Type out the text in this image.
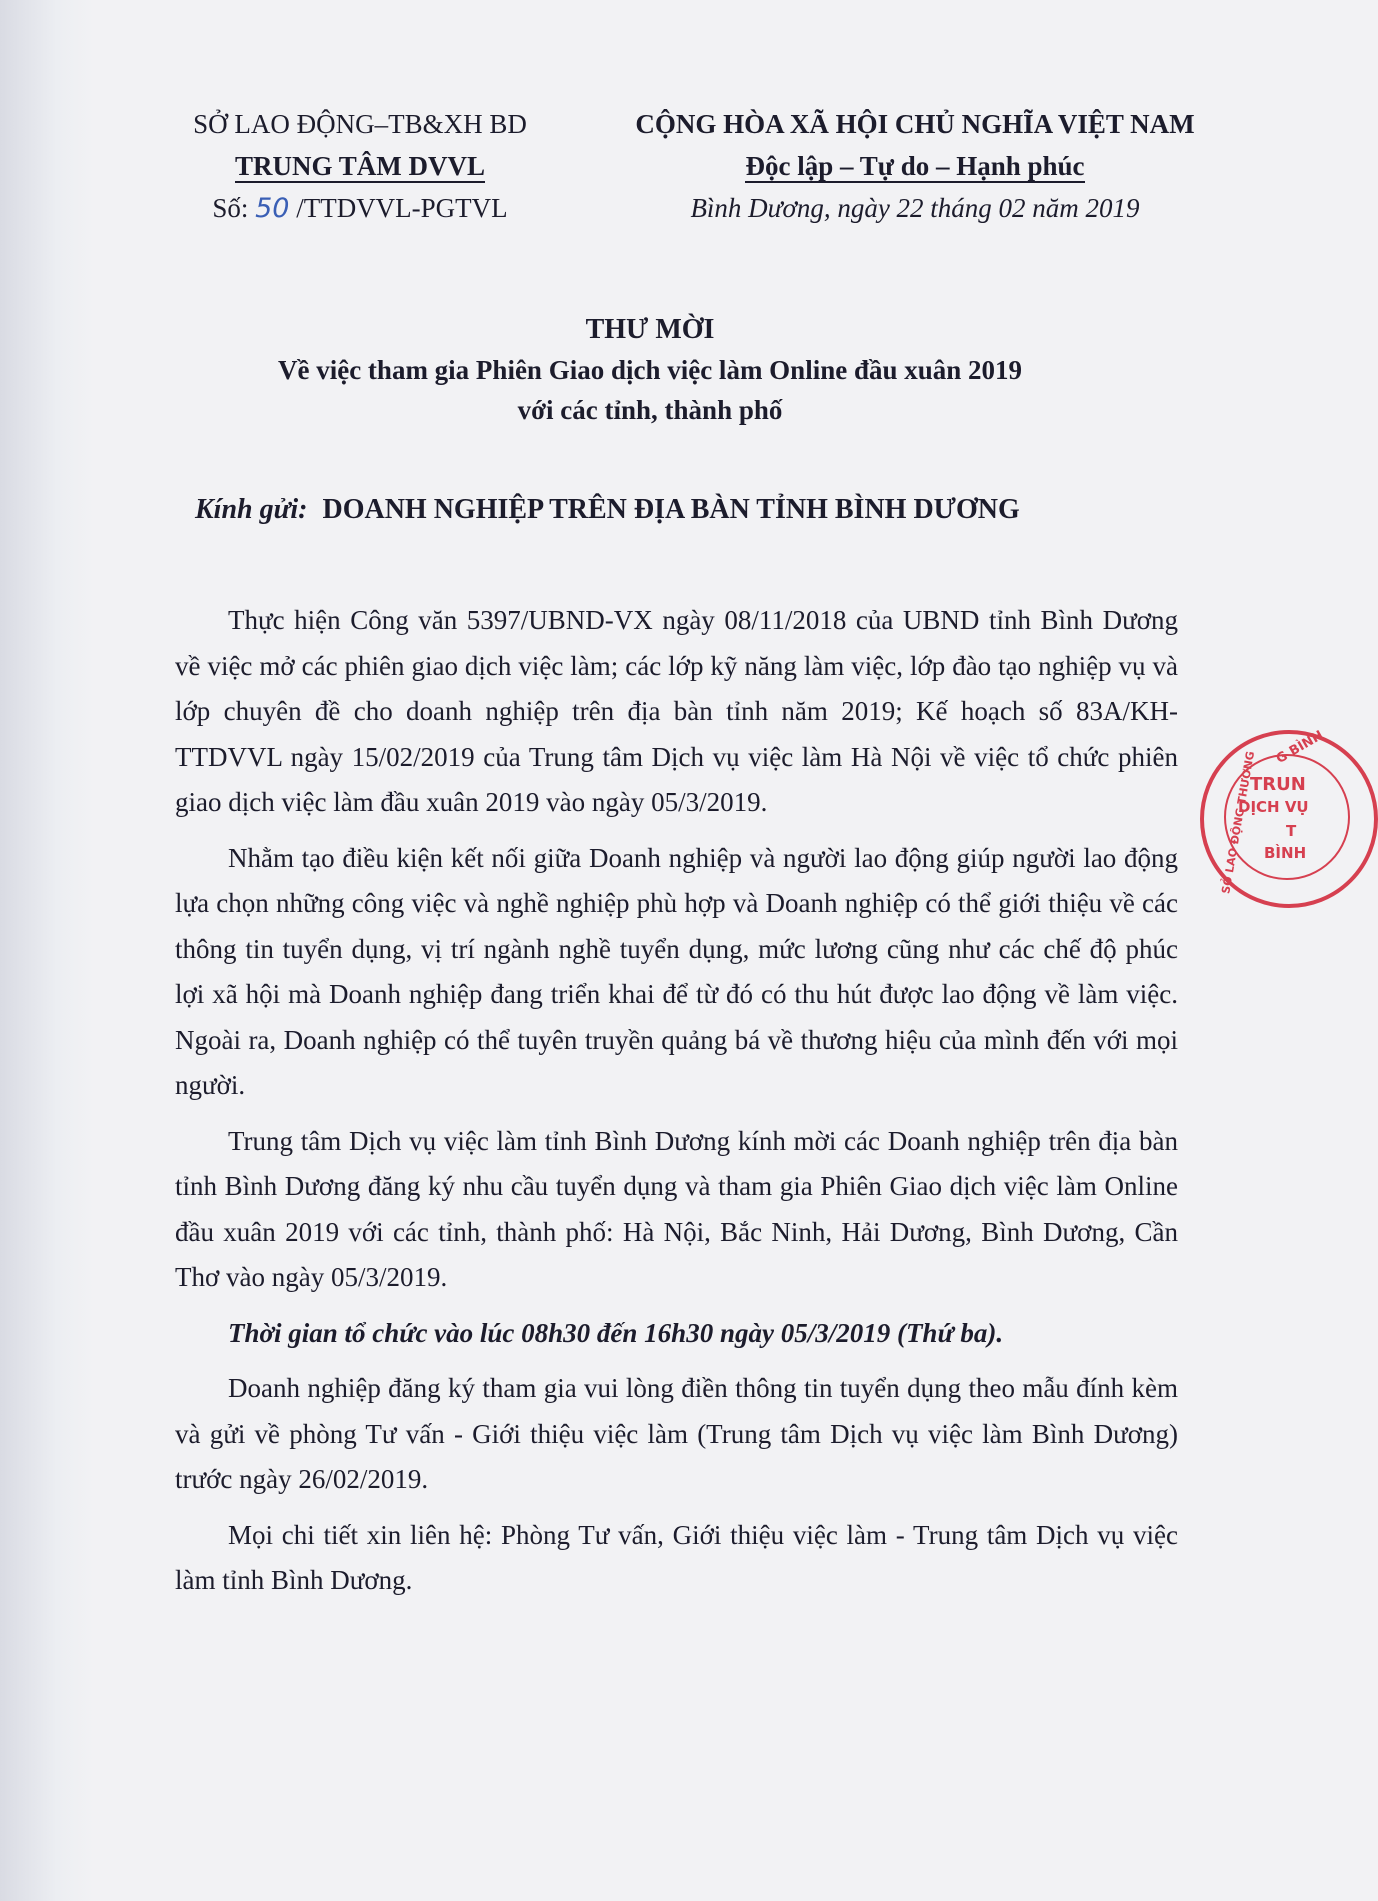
SỞ LAO ĐỘNG–TB&XH BD
TRUNG TÂM DVVL
Số: 50 /TTDVVL-PGTVL
CỘNG HÒA XÃ HỘI CHỦ NGHĨA VIỆT NAM
Độc lập – Tự do – Hạnh phúc
Bình Dương, ngày 22 tháng 02 năm 2019
THƯ MỜI
Về việc tham gia Phiên Giao dịch việc làm Online đầu xuân 2019
với các tỉnh, thành phố
Kính gửi: DOANH NGHIỆP TRÊN ĐỊA BÀN TỈNH BÌNH DƯƠNG

Thực hiện Công văn 5397/UBND-VX ngày 08/11/2018 của UBND tỉnh Bình Dương về việc mở các phiên giao dịch việc làm; các lớp kỹ năng làm việc, lớp đào tạo nghiệp vụ và lớp chuyên đề cho doanh nghiệp trên địa bàn tỉnh năm 2019; Kế hoạch số 83A/KH-TTDVVL ngày 15/02/2019 của Trung tâm Dịch vụ việc làm Hà Nội về việc tổ chức phiên giao dịch việc làm đầu xuân 2019 vào ngày 05/3/2019.

Nhằm tạo điều kiện kết nối giữa Doanh nghiệp và người lao động giúp người lao động lựa chọn những công việc và nghề nghiệp phù hợp và Doanh nghiệp có thể giới thiệu về các thông tin tuyển dụng, vị trí ngành nghề tuyển dụng, mức lương cũng như các chế độ phúc lợi xã hội mà Doanh nghiệp đang triển khai để từ đó có thu hút được lao động về làm việc. Ngoài ra, Doanh nghiệp có thể tuyên truyền quảng bá về thương hiệu của mình đến với mọi người.

Trung tâm Dịch vụ việc làm tỉnh Bình Dương kính mời các Doanh nghiệp trên địa bàn tỉnh Bình Dương đăng ký nhu cầu tuyển dụng và tham gia Phiên Giao dịch việc làm Online đầu xuân 2019 với các tỉnh, thành phố: Hà Nội, Bắc Ninh, Hải Dương, Bình Dương, Cần Thơ vào ngày 05/3/2019.

Thời gian tổ chức vào lúc 08h30 đến 16h30 ngày 05/3/2019 (Thứ ba).

Doanh nghiệp đăng ký tham gia vui lòng điền thông tin tuyển dụng theo mẫu đính kèm và gửi về phòng Tư vấn - Giới thiệu việc làm (Trung tâm Dịch vụ việc làm Bình Dương) trước ngày 26/02/2019.

Mọi chi tiết xin liên hệ: Phòng Tư vấn, Giới thiệu việc làm - Trung tâm Dịch vụ việc làm tỉnh Bình Dương.

G BÌNH
SỞ LAO ĐỘNG THƯƠNG
TRUN
DỊCH VỤ
T
BÌNH
